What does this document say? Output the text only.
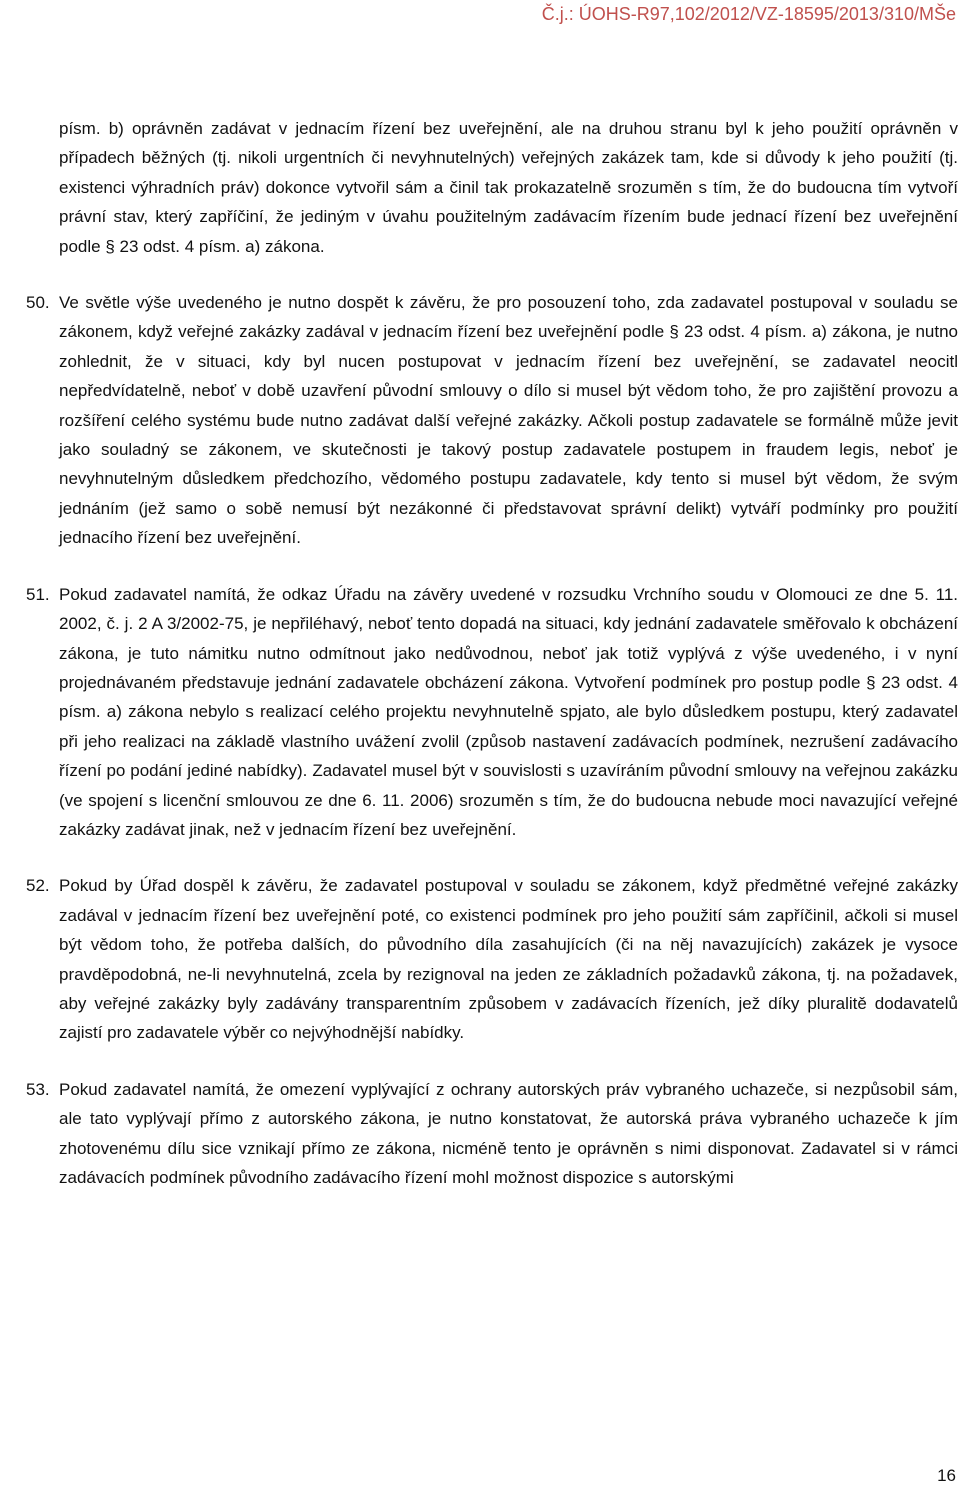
Č.j.: ÚOHS-R97,102/2012/VZ-18595/2013/310/MŠe
písm. b) oprávněn zadávat v jednacím řízení bez uveřejnění, ale na druhou stranu byl k jeho použití oprávněn v případech běžných (tj. nikoli urgentních či nevyhnutelných) veřejných zakázek tam, kde si důvody k jeho použití (tj. existenci výhradních práv) dokonce vytvořil sám a činil tak prokazatelně srozuměn s tím, že do budoucna tím vytvoří právní stav, který zapříčiní, že jediným v úvahu použitelným zadávacím řízením bude jednací řízení bez uveřejnění podle § 23 odst. 4 písm. a) zákona.
50. Ve světle výše uvedeného je nutno dospět k závěru, že pro posouzení toho, zda zadavatel postupoval v souladu se zákonem, když veřejné zakázky zadával v jednacím řízení bez uveřejnění podle § 23 odst. 4 písm. a) zákona, je nutno zohlednit, že v situaci, kdy byl nucen postupovat v jednacím řízení bez uveřejnění, se zadavatel neocitl nepředvídatelně, neboť v době uzavření původní smlouvy o dílo si musel být vědom toho, že pro zajištění provozu a rozšíření celého systému bude nutno zadávat další veřejné zakázky. Ačkoli postup zadavatele se formálně může jevit jako souladný se zákonem, ve skutečnosti je takový postup zadavatele postupem in fraudem legis, neboť je nevyhnutelným důsledkem předchozího, vědomého postupu zadavatele, kdy tento si musel být vědom, že svým jednáním (jež samo o sobě nemusí být nezákonné či představovat správní delikt) vytváří podmínky pro použití jednacího řízení bez uveřejnění.
51. Pokud zadavatel namítá, že odkaz Úřadu na závěry uvedené v rozsudku Vrchního soudu v Olomouci ze dne 5. 11. 2002, č. j. 2 A 3/2002-75, je nepřiléhavý, neboť tento dopadá na situaci, kdy jednání zadavatele směřovalo k obcházení zákona, je tuto námitku nutno odmítnout jako nedůvodnou, neboť jak totiž vyplývá z výše uvedeného, i v nyní projednávaném představuje jednání zadavatele obcházení zákona. Vytvoření podmínek pro postup podle § 23 odst. 4 písm. a) zákona nebylo s realizací celého projektu nevyhnutelně spjato, ale bylo důsledkem postupu, který zadavatel při jeho realizaci na základě vlastního uvážení zvolil (způsob nastavení zadávacích podmínek, nezrušení zadávacího řízení po podání jediné nabídky). Zadavatel musel být v souvislosti s uzavíráním původní smlouvy na veřejnou zakázku (ve spojení s licenční smlouvou ze dne 6. 11. 2006) srozuměn s tím, že do budoucna nebude moci navazující veřejné zakázky zadávat jinak, než v jednacím řízení bez uveřejnění.
52. Pokud by Úřad dospěl k závěru, že zadavatel postupoval v souladu se zákonem, když předmětné veřejné zakázky zadával v jednacím řízení bez uveřejnění poté, co existenci podmínek pro jeho použití sám zapříčinil, ačkoli si musel být vědom toho, že potřeba dalších, do původního díla zasahujících (či na něj navazujících) zakázek je vysoce pravděpodobná, ne-li nevyhnutelná, zcela by rezignoval na jeden ze základních požadavků zákona, tj. na požadavek, aby veřejné zakázky byly zadávány transparentním způsobem v zadávacích řízeních, jež díky pluralitě dodavatelů zajistí pro zadavatele výběr co nejvýhodnější nabídky.
53. Pokud zadavatel namítá, že omezení vyplývající z ochrany autorských práv vybraného uchazeče, si nezpůsobil sám, ale tato vyplývají přímo z autorského zákona, je nutno konstatovat, že autorská práva vybraného uchazeče k jím zhotovenému dílu sice vznikají přímo ze zákona, nicméně tento je oprávněn s nimi disponovat. Zadavatel si v rámci zadávacích podmínek původního zadávacího řízení mohl možnost dispozice s autorskými
16
